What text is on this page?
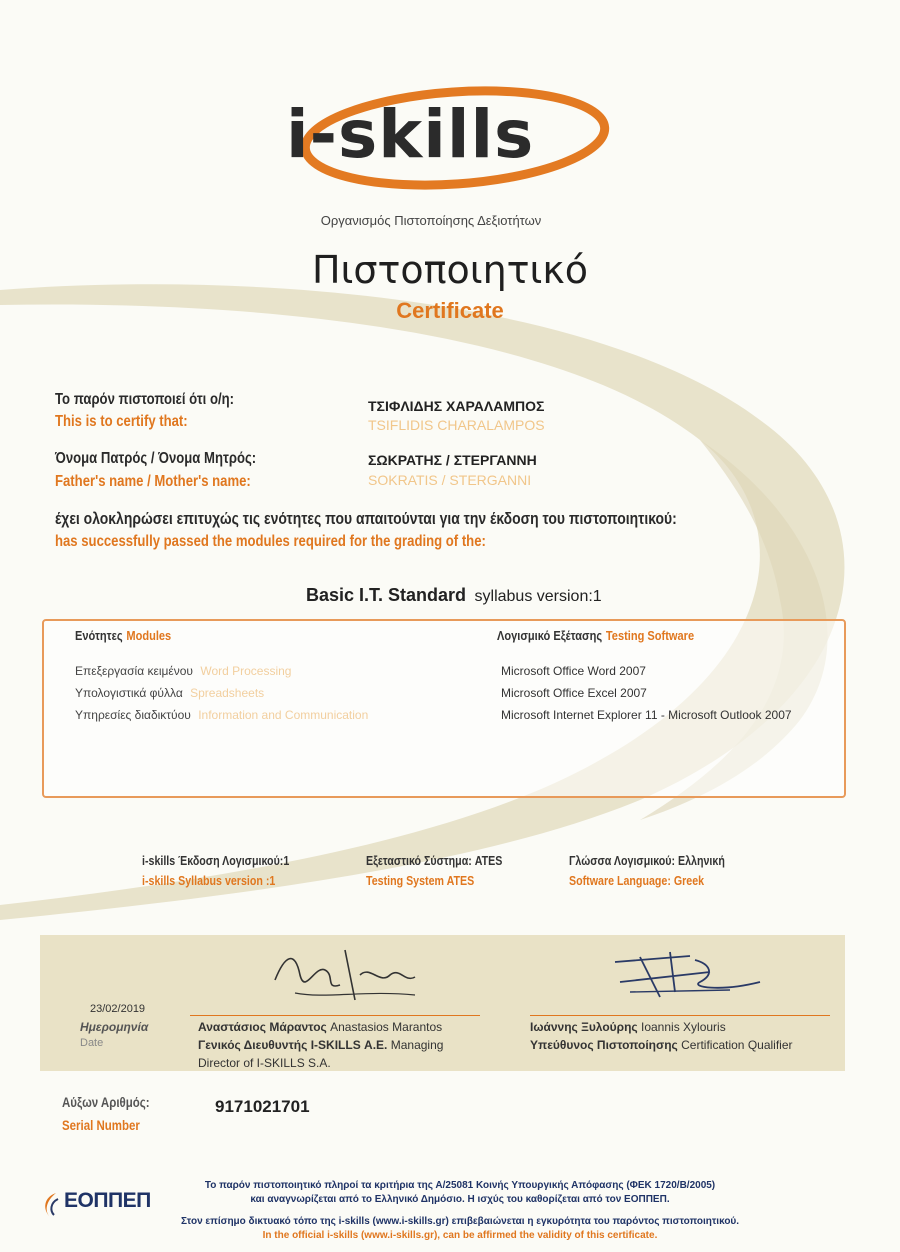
i-skills
Οργανισμός Πιστοποίησης Δεξιοτήτων
Πιστοποιητικό
Certificate
Το παρόν πιστοποιεί ότι ο/η:
This is to certify that:
ΤΣΙΦΛΙΔΗΣ ΧΑΡΑΛΑΜΠΟΣ
TSIFLIDIS CHARALAMPOS
Όνομα Πατρός / Όνομα Μητρός:
Father's name / Mother's name:
ΣΩΚΡΑΤΗΣ / ΣΤΕΡΓΑΝΝΗ
SOKRATIS / STERGANNI
έχει ολοκληρώσει επιτυχώς τις ενότητες που απαιτούνται για την έκδοση του πιστοποιητικού:
has successfully passed the modules required for the grading of the:
Basic I.T. Standard syllabus version:1
Ενότητες Modules	Λογισμικό Εξέτασης Testing Software
Επεξεργασία κειμένου Word Processing	Microsoft Office Word 2007
Υπολογιστικά φύλλα Spreadsheets	Microsoft Office Excel 2007
Υπηρεσίες διαδικτύου Information and Communication	Microsoft Internet Explorer 11 - Microsoft Outlook 2007
i-skills Έκδοση Λογισμικού:1
i-skills Syllabus version :1
Εξεταστικό Σύστημα: ATES
Testing System ATES
Γλώσσα Λογισμικού: Ελληνική
Software Language: Greek
23/02/2019
Ημερομηνία
Date
Αναστάσιος Μάραντος Anastasios Marantos
Γενικός Διευθυντής I-SKILLS Α.Ε. Managing
Director of I-SKILLS S.A.
Ιωάννης Ξυλούρης Ioannis Xylouris
Υπεύθυνος Πιστοποίησης Certification Qualifier
Αύξων Αριθμός:
Serial Number
9171021701
ΕΟΠΠΕΠ
Το παρόν πιστοποιητικό πληροί τα κριτήρια της Α/25081 Κοινής Υπουργικής Απόφασης (ΦΕΚ 1720/Β/2005)
και αναγνωρίζεται από το Ελληνικό Δημόσιο. Η ισχύς του καθορίζεται από τον ΕΟΠΠΕΠ.
Στον επίσημο δικτυακό τόπο της i-skills (www.i-skills.gr) επιβεβαιώνεται η εγκυρότητα του παρόντος πιστοποιητικού.
In the official i-skills (www.i-skills.gr), can be affirmed the validity of this certificate.
